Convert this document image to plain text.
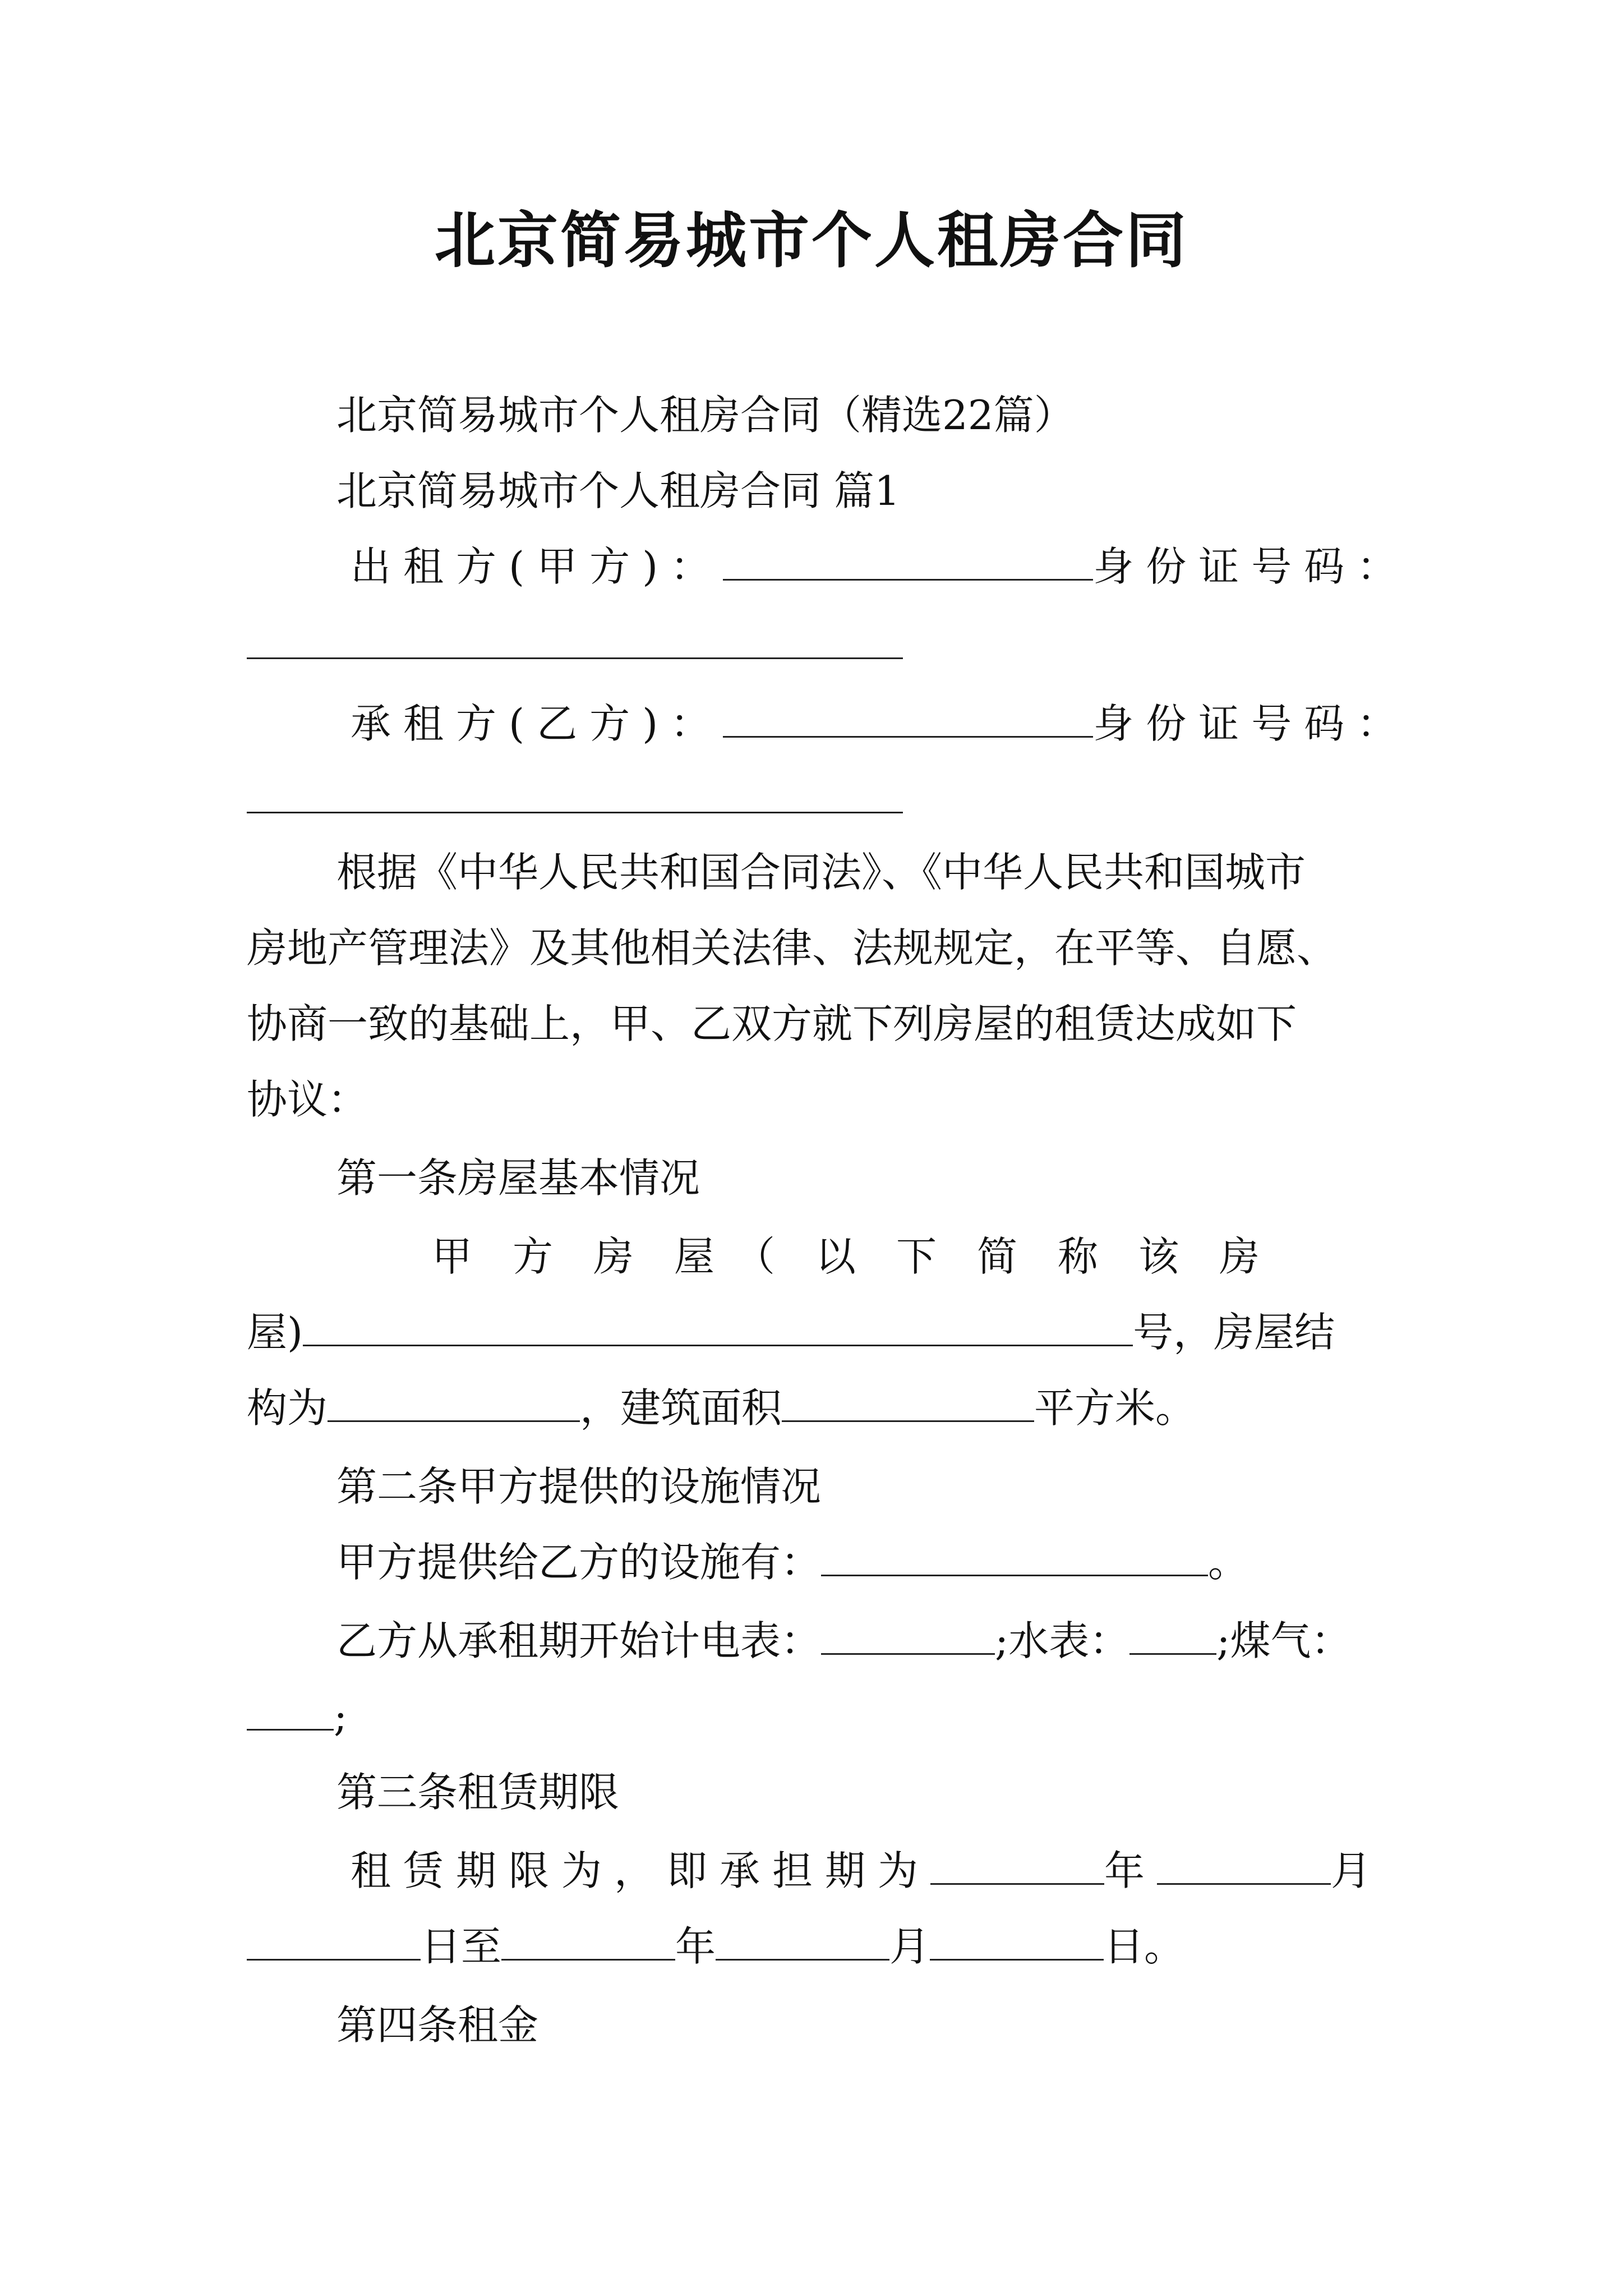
北京简易城市个人租房合同
北京简易城市个人租房合同（精选22篇）
北京简易城市个人租房合同 篇1
出租方(甲方)：	身份证号码：
承租方(乙方)：	身份证号码：
根据《中华人民共和国合同法》、《中华人民共和国城市
房地产管理法》及其他相关法律、法规规定，在平等、自愿、
协商一致的基础上，甲、乙双方就下列房屋的租赁达成如下
协议：
第一条房屋基本情况
甲　方　房　屋　（　以　下　简　称　该　房
屋)	号，房屋结
构为	，建筑面积	平方米。
第二条甲方提供的设施情况
甲方提供给乙方的设施有：	。
乙方从承租期开始计电表：	;水表： ;煤气：
;
第三条租赁期限
租赁期限为，即承担期为	年	月
日至	年	月	日。
第四条租金
